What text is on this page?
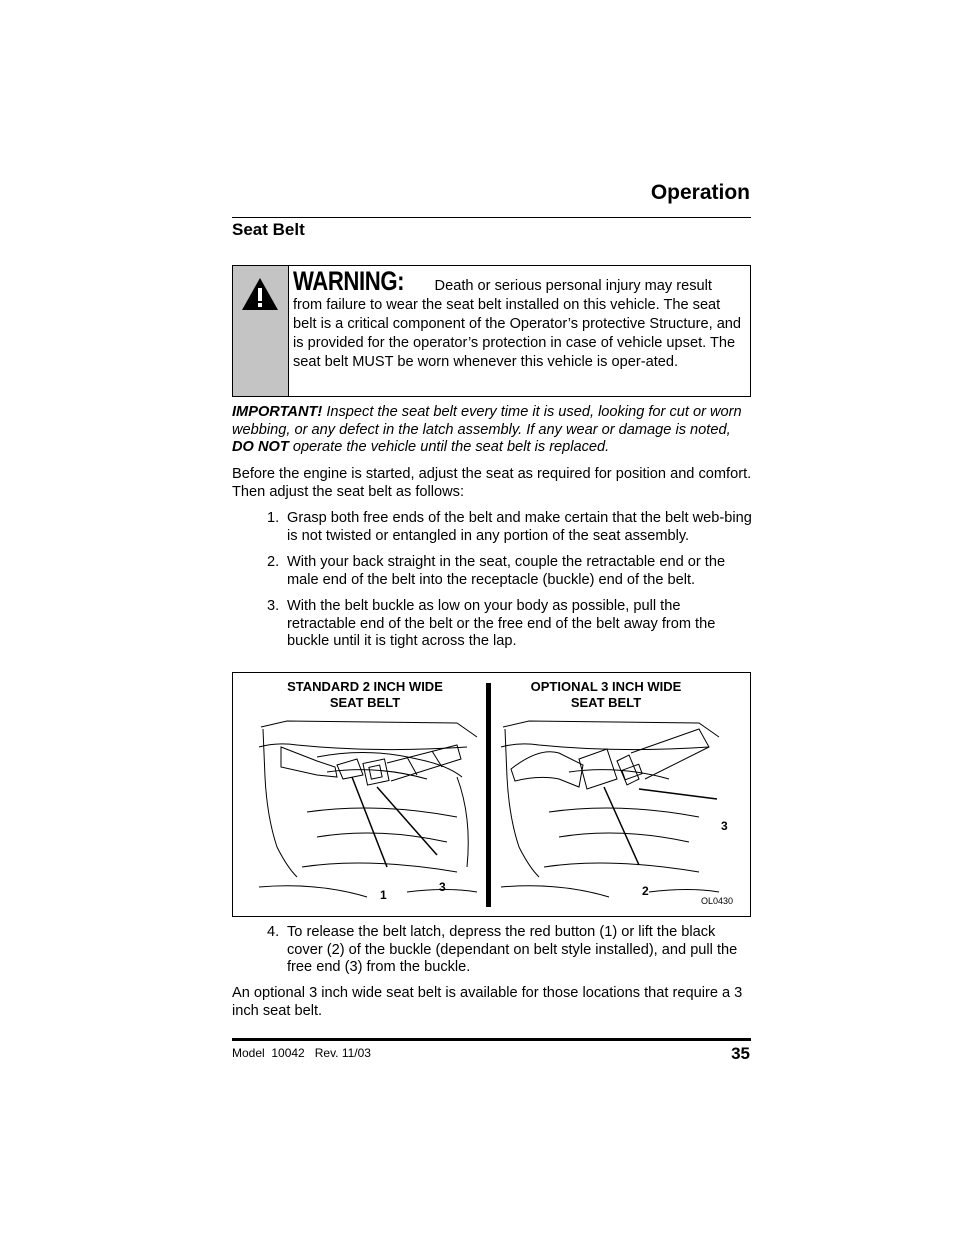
Operation
Seat Belt
WARNING: Death or serious personal injury may result from failure to wear the seat belt installed on this vehicle. The seat belt is a critical component of the Operator’s protective Structure, and is provided for the operator’s protection in case of vehicle upset. The seat belt MUST be worn whenever this vehicle is oper-ated.
IMPORTANT! Inspect the seat belt every time it is used, looking for cut or worn webbing, or any defect in the latch assembly. If any wear or damage is noted, DO NOT operate the vehicle until the seat belt is replaced.
Before the engine is started, adjust the seat as required for position and comfort. Then adjust the seat belt as follows:
1. Grasp both free ends of the belt and make certain that the belt web-bing is not twisted or entangled in any portion of the seat assembly.
2. With your back straight in the seat, couple the retractable end or the male end of the belt into the receptacle (buckle) end of the belt.
3. With the belt buckle as low on your body as possible, pull the retractable end of the belt or the free end of the belt away from the buckle until it is tight across the lap.
STANDARD 2 INCH WIDE
SEAT BELT
OPTIONAL 3 INCH WIDE
SEAT BELT
1
3	2
3
OL0430
4. To release the belt latch, depress the red button (1) or lift the black cover (2) of the buckle (dependant on belt style installed), and pull the free end (3) from the buckle.
An optional 3 inch wide seat belt is available for those locations that require a 3 inch seat belt.
Model  10042   Rev. 11/03	35
